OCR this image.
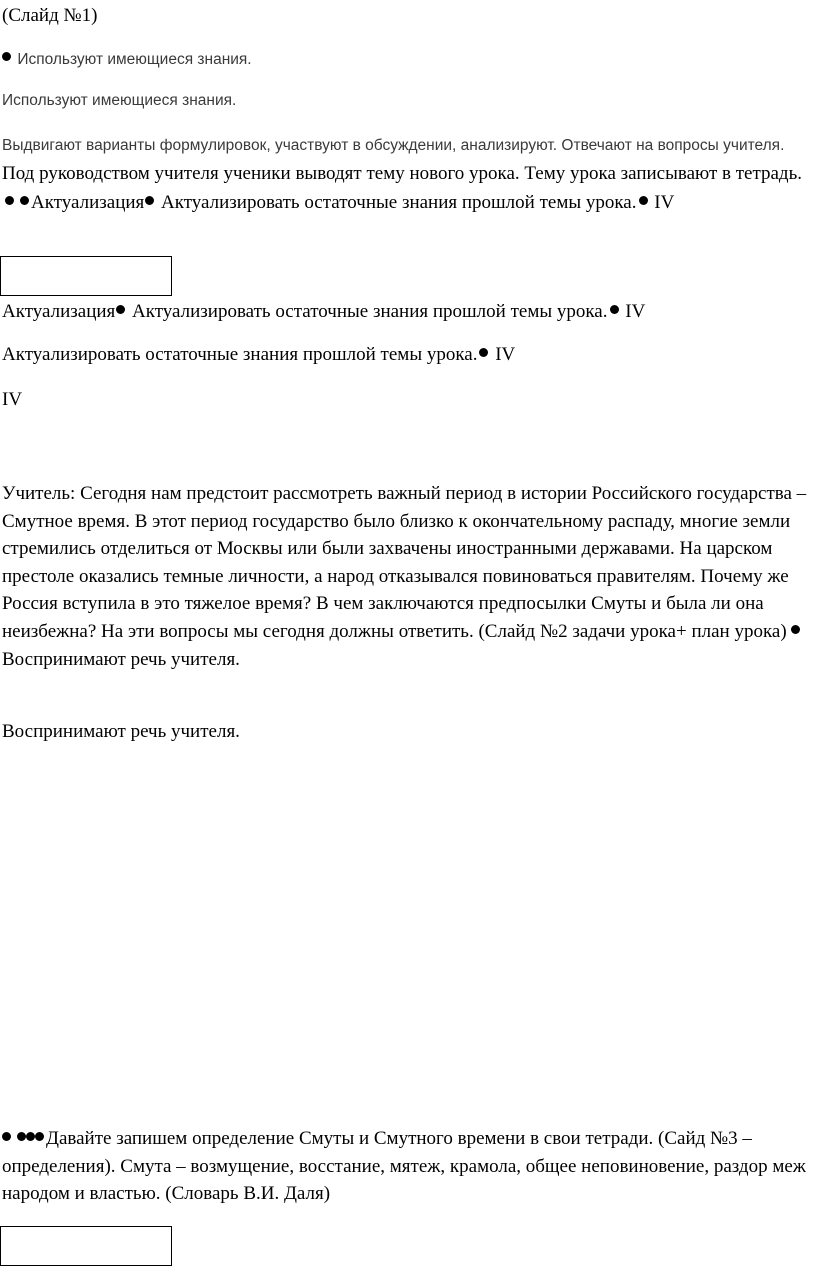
(Слайд №1)

Используют имеющиеся знания.

Используют имеющиеся знания.

Выдвигают варианты формулировок, участвуют в обсуждении, анализируют. Отвечают на вопросы учителя. Под руководством учителя ученики выводят тему нового урока. Тему урока записывают в тетрадь. Актуализация Актуализировать остаточные знания прошлой темы урока. IV

Актуализация Актуализировать остаточные знания прошлой темы урока. IV

Актуализировать остаточные знания прошлой темы урока. IV

IV

Учитель: Сегодня нам предстоит рассмотреть важный период в истории Российского государства – Смутное время. В этот период государство было близко к окончательному распаду, многие земли стремились отделиться от Москвы или были захвачены иностранными державами. На царском престоле оказались темные личности, а народ отказывался повиноваться правителям. Почему же Россия вступила в это тяжелое время? В чем заключаются предпосылки Смуты и была ли она неизбежна? На эти вопросы мы сегодня должны ответить. (Слайд №2 задачи урока+ план урока)  Воспринимают речь учителя.

Воспринимают речь учителя.

Давайте запишем определение Смуты и Смутного времени в свои тетради. (Сайд №3 – определения). Смута – возмущение, восстание, мятеж, крамола, общее неповиновение, раздор меж народом и властью. (Словарь В.И. Даля)
